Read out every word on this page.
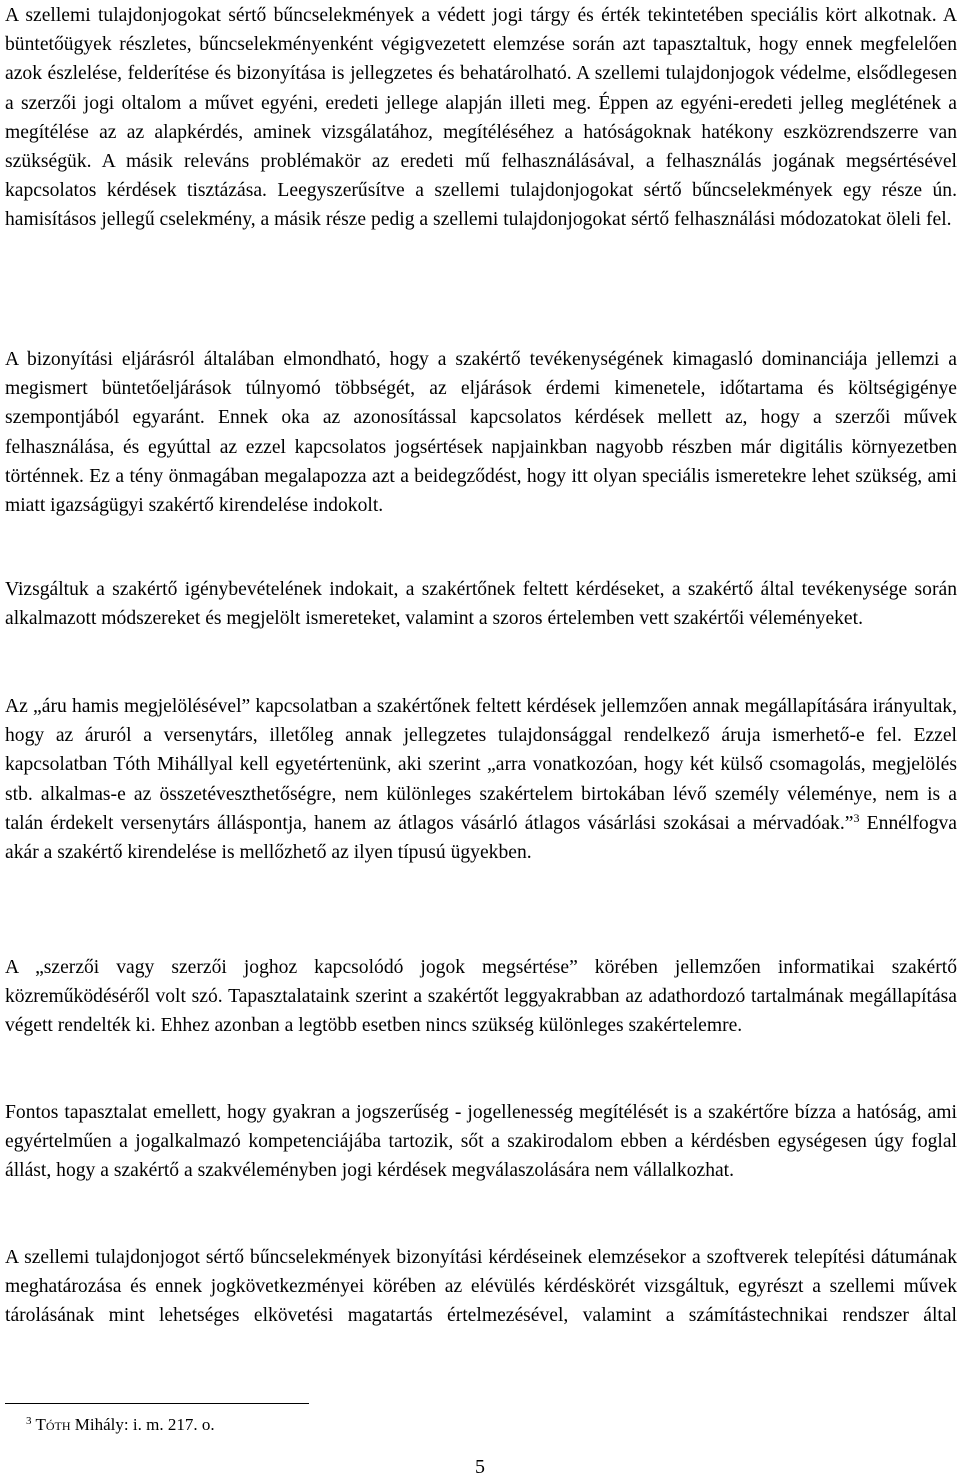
A szellemi tulajdonjogokat sértő bűncselekmények a védett jogi tárgy és érték tekintetében speciális kört alkotnak. A büntetőügyek részletes, bűncselekményenként végigvezetett elemzése során azt tapasztaltuk, hogy ennek megfelelően azok észlelése, felderítése és bizonyítása is jellegzetes és behatárolható. A szellemi tulajdonjogok védelme, elsődlegesen a szerzői jogi oltalom a művet egyéni, eredeti jellege alapján illeti meg. Éppen az egyéni-eredeti jelleg meglétének a megítélése az az alapkérdés, aminek vizsgálatához, megítéléséhez a hatóságoknak hatékony eszközrendszerre van szükségük. A másik releváns problémakör az eredeti mű felhasználásával, a felhasználás jogának megsértésével kapcsolatos kérdések tisztázása. Leegyszerűsítve a szellemi tulajdonjogokat sértő bűncselekmények egy része ún. hamisításos jellegű cselekmény, a másik része pedig a szellemi tulajdonjogokat sértő felhasználási módozatokat öleli fel.

A bizonyítási eljárásról általában elmondható, hogy a szakértő tevékenységének kimagasló dominanciája jellemzi a megismert büntetőeljárások túlnyomó többségét, az eljárások érdemi kimenetele, időtartama és költségigénye szempontjából egyaránt. Ennek oka az azonosítással kapcsolatos kérdések mellett az, hogy a szerzői művek felhasználása, és egyúttal az ezzel kapcsolatos jogsértések napjainkban nagyobb részben már digitális környezetben történnek. Ez a tény önmagában megalapozza azt a beidegződést, hogy itt olyan speciális ismeretekre lehet szükség, ami miatt igazságügyi szakértő kirendelése indokolt.

Vizsgáltuk a szakértő igénybevételének indokait, a szakértőnek feltett kérdéseket, a szakértő által tevékenysége során alkalmazott módszereket és megjelölt ismereteket, valamint a szoros értelemben vett szakértői véleményeket.

Az „áru hamis megjelölésével” kapcsolatban a szakértőnek feltett kérdések jellemzően annak megállapítására irányultak, hogy az áruról a versenytárs, illetőleg annak jellegzetes tulajdonsággal rendelkező áruja ismerhető-e fel. Ezzel kapcsolatban Tóth Mihállyal kell egyetértenünk, aki szerint „arra vonatkozóan, hogy két külső csomagolás, megjelölés stb. alkalmas-e az összetéveszthetőségre, nem különleges szakértelem birtokában lévő személy véleménye, nem is a talán érdekelt versenytárs álláspontja, hanem az átlagos vásárló átlagos vásárlási szokásai a mérvadóak.”$^3$ Ennélfogva akár a szakértő kirendelése is mellőzhető az ilyen típusú ügyekben.

A „szerzői vagy szerzői joghoz kapcsolódó jogok megsértése” körében jellemzően informatikai szakértő közreműködéséről volt szó. Tapasztalataink szerint a szakértőt leggyakrabban az adathordozó tartalmának megállapítása végett rendelték ki. Ehhez azonban a legtöbb esetben nincs szükség különleges szakértelemre.

Fontos tapasztalat emellett, hogy gyakran a jogszerűség - jogellenesség megítélését is a szakértőre bízza a hatóság, ami egyértelműen a jogalkalmazó kompetenciájába tartozik, sőt a szakirodalom ebben a kérdésben egységesen úgy foglal állást, hogy a szakértő a szakvéleményben jogi kérdések megválaszolására nem vállalkozhat.

A szellemi tulajdonjogot sértő bűncselekmények bizonyítási kérdéseinek elemzésekor a szoftverek telepítési dátumának meghatározása és ennek jogkövetkezményei körében az elévülés kérdéskörét vizsgáltuk, egyrészt a szellemi művek tárolásának mint lehetséges elkövetési magatartás értelmezésével, valamint a számítástechnikai rendszer által

$^3$ Tóth Mihály: i. m. 217. o.

5
